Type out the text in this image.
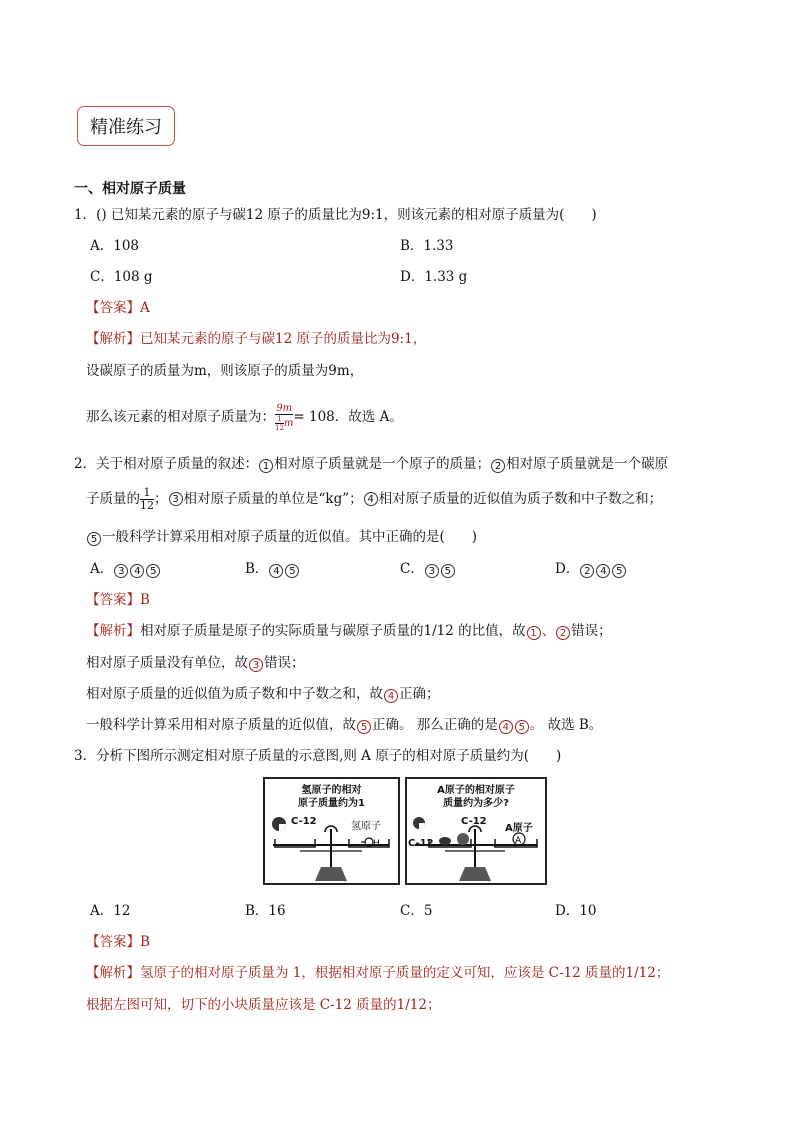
精准练习
一、相对原子质量
1．() 已知某元素的原子与碳12 原子的质量比为9:1，则该元素的相对原子质量为(　　)
A．108	B．1.33
C．108 g	D．1.33 g
【答案】A
【解析】已知某元素的原子与碳12 原子的质量比为9:1，
设碳原子的质量为m，则该原子的质量为9m，
那么该元素的相对原子质量为： $\frac{9m}{\frac{1}{12} m} = 108$．故选 A。
2．关于相对原子质量的叙述： 1 相对原子质量就是一个原子的质量； 2 相对原子质量就是一个碳原
子质量的 $\frac{1}{12}$ ； 3 相对原子质量的单位是“kg”； 4 相对原子质量的近似值为质子数和中子数之和；
5 一般科学计算采用相对原子质量的近似值。其中正确的是(　　)
A． 3 4 5	B． 4 5	C． 3 5	D． 2 4 5
【答案】B
【解析】相对原子质量是原子的实际质量与碳原子质量的1/12 的比值，故 1 、 2 错误；
相对原子质量没有单位，故 3 错误；
相对原子质量的近似值为质子数和中子数之和，故 4 正确；
一般科学计算采用相对原子质量的近似值，故 5 正确。 那么正确的是 4 5 。 故选 B。
3．分析下图所示测定相对原子质量的示意图,则 A 原子的相对原子质量约为(　　)
氢原子的相对
原子质量约为1
C-12	氢原子
H
A原子的相对原子
质量约为多少?
C-12
C-12
A原子
A
A．12	B．16	C．5	D．10
【答案】B
【解析】氢原子的相对原子质量为 1，根据相对原子质量的定义可知，应该是 C-12 质量的1/12；
根据左图可知，切下的小块质量应该是 C-12 质量的1/12；
